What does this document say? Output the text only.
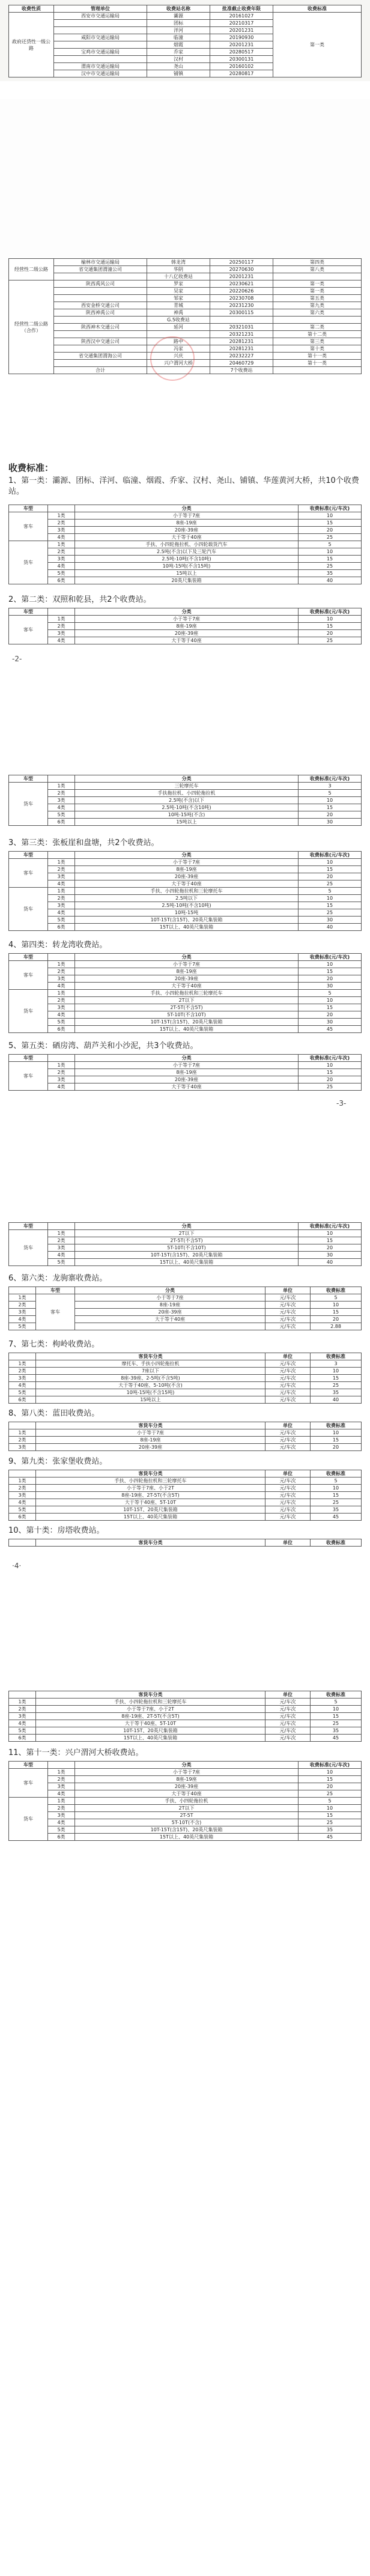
收费性质	管理单位	收费站名称	批准截止收费年限	收费标准
政府还贷性一级公路	西安市交通运输局	灞源	20161027	第一类
		团标	20210317	
		洋河	20201231	
	咸阳市交通运输局	临潼	20190930	
		烟霞	20201231	
	宝鸡市交通运输局	乔家	20280517	
		汉村	20300131	
	渭南市交通运输局	尧山	20160102	
	汉中市交通运输局	铺镇	20280817	
经营性二级公路	榆林市交通运输局	韩龙湾	20250117	第四类
	省交通集团渭潼公司	华阴	20270630	第八类
		十八亿收费站	20201231	
经营性二级公路（合作）	陕西禹风公司	罗家	20230621	第一类
		吴家	20220626	第一类
		邹家	20230708	第五类
	西安金桥交通公司	青城	20231230	第九类
	陕西神禹公司	神禹	20300115	第六类
		G.5收费站		
	陕西神木交通公司	延河	20321031	第二类
			20321231	第十二类
	陕西汉中交通公司	路中	20281231	第三类
		冯家	20281231	第十类
	省交通集团渭海公司	兴庆	20232227	第十一类
		兴户渭河大桥	20460729	第十一类
	合计		7个收费站	
收费标准：
1、第一类：灞源、团标、洋河、临潼、烟霞、乔家、汉村、尧山、铺镇、华莲黄河大桥，共10个收费站。
车型		分类	收费标准(元/车次)
客车	1类	小于等于7座	10
	2类	8座-19座	15
	3类	20座-39座	20
	4类	大于等于40座	25
货车	1类	手扶、小四轮拖拉机、小四轮载货汽车	5
	2类	2.5吨(不含)以下及三轮汽车	10
	3类	2.5吨-10吨(不含10吨)	15
	4类	10吨-15吨(不含15吨)	25
	5类	15吨以上	35
	6类	20英尺集装箱	40
2、第二类：双照和乾县，共2个收费站。
车型		分类	收费标准(元/车次)
客车	1类	小于等于7座	10
	2类	8座-19座	15
	3类	20座-39座	20
	4类	大于等于40座	25
-2-
车型		分类	收费标准(元/车次)
货车	1类	三轮摩托车	3
	2类	手扶拖拉机、小四轮拖拉机	5
	3类	2.5吨(不含)以下	10
	4类	2.5吨-10吨(不含10吨)	15
	5类	10吨-15吨(不含)	20
	6类	15吨以上	30
3、第三类：张板崖和盘塘，共2个收费站。
车型		分类	收费标准(元/车次)
客车	1类	小于等于7座	10
	2类	8座-19座	15
	3类	20座-39座	20
	4类	大于等于40座	25
货车	1类	手扶、小四轮拖拉机和三轮摩托车	5
	2类	2.5吨以下	10
	3类	2.5吨-10吨(不含10吨)	15
	4类	10吨-15吨	25
	5类	10T-15T(含15T)、20英尺集装箱	30
	6类	15T以上、40英尺集装箱	40
4、第四类：转龙湾收费站。
车型		分类	收费标准(元/车次)
客车	1类	小于等于7座	10
	2类	8座-19座	15
	3类	20座-39座	20
	4类	大于等于40座	30
货车	1类	手扶、小四轮拖拉机和三轮摩托车	5
	2类	2T以下	10
	3类	2T-5T(不含5T)	15
	4类	5T-10T(不含10T)	20
	5类	10T-15T(含15T)、20英尺集装箱	30
	6类	15T以上、40英尺集装箱	45
5、第五类：硒房湾、葫芦关和小沙泥，共3个收费站。
车型		分类	收费标准(元/车次)
客车	1类	小于等于7座	10
	2类	8座-19座	15
	3类	20座-39座	20
	4类	大于等于40座	25
-3-
车型		分类	收费标准(元/车次)
货车	1类	2T以下	10
	2类	2T-5T(不含5T)	15
	3类	5T-10T(不含10T)	20
	4类	10T-15T(含15T)、20英尺集装箱	30
	5类	15T以上、40英尺集装箱	40
6、第六类：龙驹寨收费站。
	车型	分类	单位	收费标准
1类	客车	小于等于7座	元/车次	5
2类		8座-19座	元/车次	10
3类		20座-39座	元/车次	15
4类		大于等于40座	元/车次	20
5类			元/车次	2.88
7、第七类：枸岭收费站。
	客货车分类	单位	收费标准
1类	摩托车、手扶小四轮拖拉机	元/车次	3
2类	7座以下	元/车次	10
3类	8座-39座、2-5吨(不含5吨)	元/车次	15
4类	大于等于40座、5-10吨(不含)	元/车次	25
5类	10吨-15吨(不含15吨)	元/车次	35
6类	15吨以上	元/车次	40
8、第八类：蓝田收费站。
	客货车分类	单位	收费标准
1类	小于等于7座	元/车次	10
2类	8座-19座	元/车次	15
3类	20座-39座	元/车次	20
9、第九类：张家堡收费站。
	客货车分类	单位	收费标准
1类	手扶、小四轮拖拉机和三轮摩托车	元/车次	5
2类	小于等于7座、小于2T	元/车次	10
3类	8座-19座、2T-5T(不含5T)	元/车次	15
4类	大于等于40座、5T-10T	元/车次	25
5类	10T-15T、20英尺集装箱	元/车次	35
6类	15T以上、40英尺集装箱	元/车次	45
10、第十类：房塔收费站。
	客货车分类	单位	收费标准
·4·
	客货车分类	单位	收费标准
1类	手扶、小四轮拖拉机和三轮摩托车	元/车次	5
2类	小于等于7座、小于2T	元/车次	10
3类	8座-19座、2T-5T(不含5T)	元/车次	15
4类	大于等于40座、5T-10T	元/车次	25
5类	10T-15T、20英尺集装箱	元/车次	35
6类	15T以上、40英尺集装箱	元/车次	45
11、第十一类：兴户渭河大桥收费站。
车型		分类	收费标准(元/车次)
客车	1类	小于等于7座	10
	2类	8座-19座	15
	3类	20座-39座	20
	4类	大于等于40座	25
货车	1类	手扶、小四轮拖拉机	5
	2类	2T以下	10
	3类	2T-5T	15
	4类	5T-10T(不含)	25
	5类	10T-15T(含15T)、20英尺集装箱	35
	6类	15T以上、40英尺集装箱	45
